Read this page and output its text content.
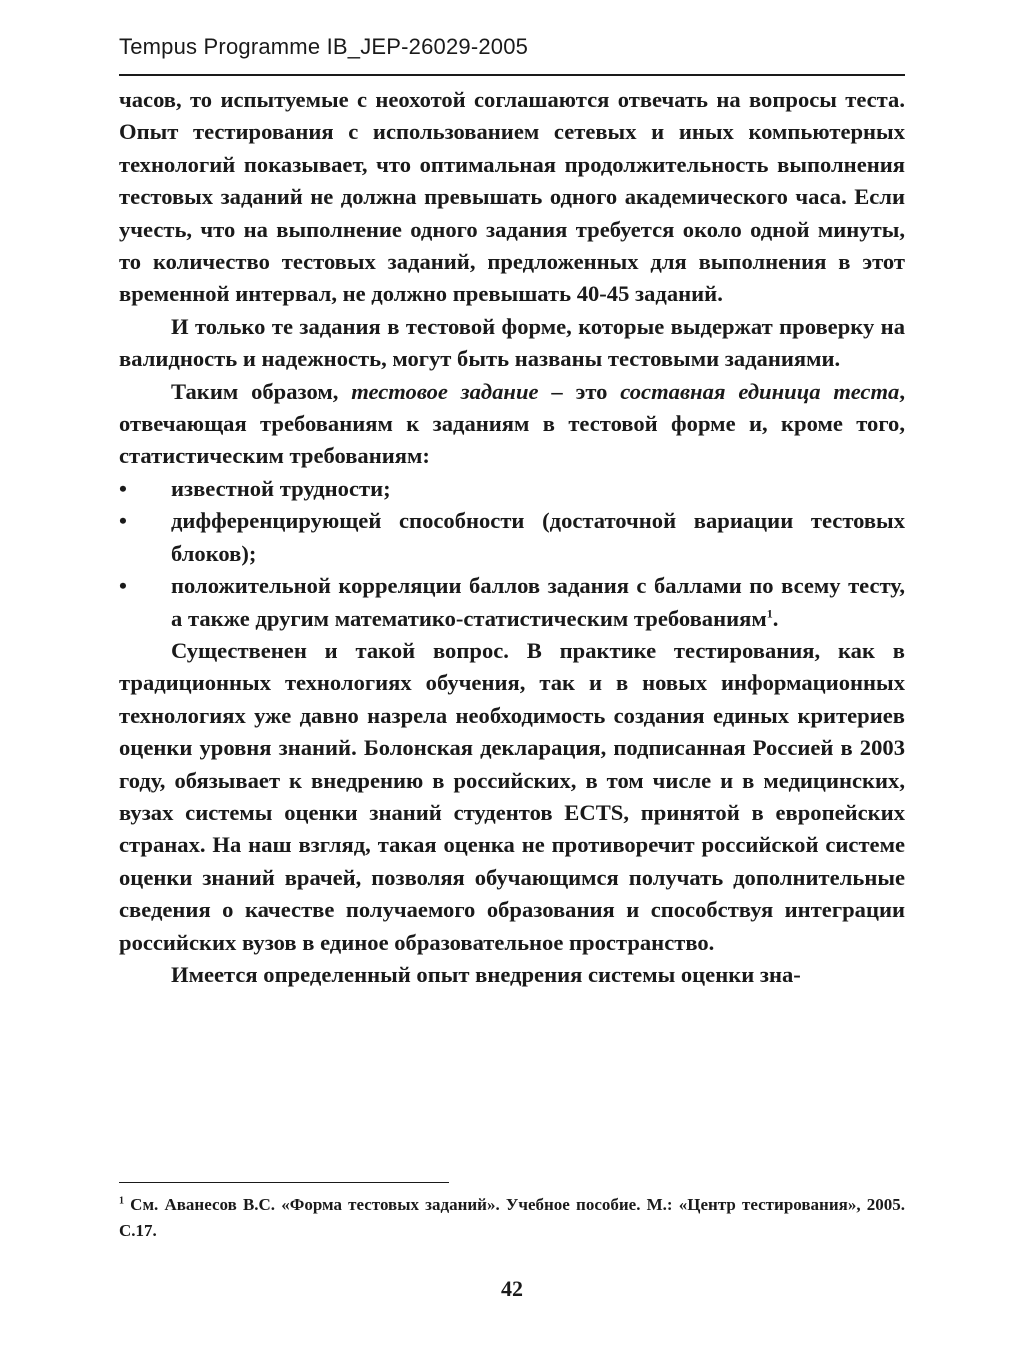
Tempus Programme IB_JEP-26029-2005

часов, то испытуемые с неохотой соглашаются отвечать на вопросы теста. Опыт тестирования с использованием сетевых и иных компьютерных технологий показывает, что оптимальная продолжительность выполнения тестовых заданий не должна превышать одного академического часа. Если учесть, что на выполнение одного задания требуется около одной минуты, то количество тестовых заданий, предложенных для выполнения в этот временной интервал, не должно превышать 40-45 заданий.

И только те задания в тестовой форме, которые выдержат проверку на валидность и надежность, могут быть названы тестовыми заданиями.

Таким образом, тестовое задание – это составная единица теста, отвечающая требованиям к заданиям в тестовой форме и, кроме того, статистическим требованиям:

• известной трудности;
• дифференцирующей способности (достаточной вариации тестовых блоков);
• положительной корреляции баллов задания с баллами по всему тесту, а также другим математико-статистическим требованиям$^1$.

Существенен и такой вопрос. В практике тестирования, как в традиционных технологиях обучения, так и в новых информационных технологиях уже давно назрела необходимость создания единых критериев оценки уровня знаний. Болонская декларация, подписанная Россией в 2003 году, обязывает к внедрению в российских, в том числе и в медицинских, вузах системы оценки знаний студентов ECTS, принятой в европейских странах. На наш взгляд, такая оценка не противоречит российской системе оценки знаний врачей, позволяя обучающимся получать дополнительные сведения о качестве получаемого образования и способствуя интеграции российских вузов в единое образовательное пространство.

Имеется определенный опыт внедрения системы оценки зна-

$^1$ См. Аванесов В.С. «Форма тестовых заданий». Учебное пособие. М.: «Центр тестирования», 2005. С.17.
42
